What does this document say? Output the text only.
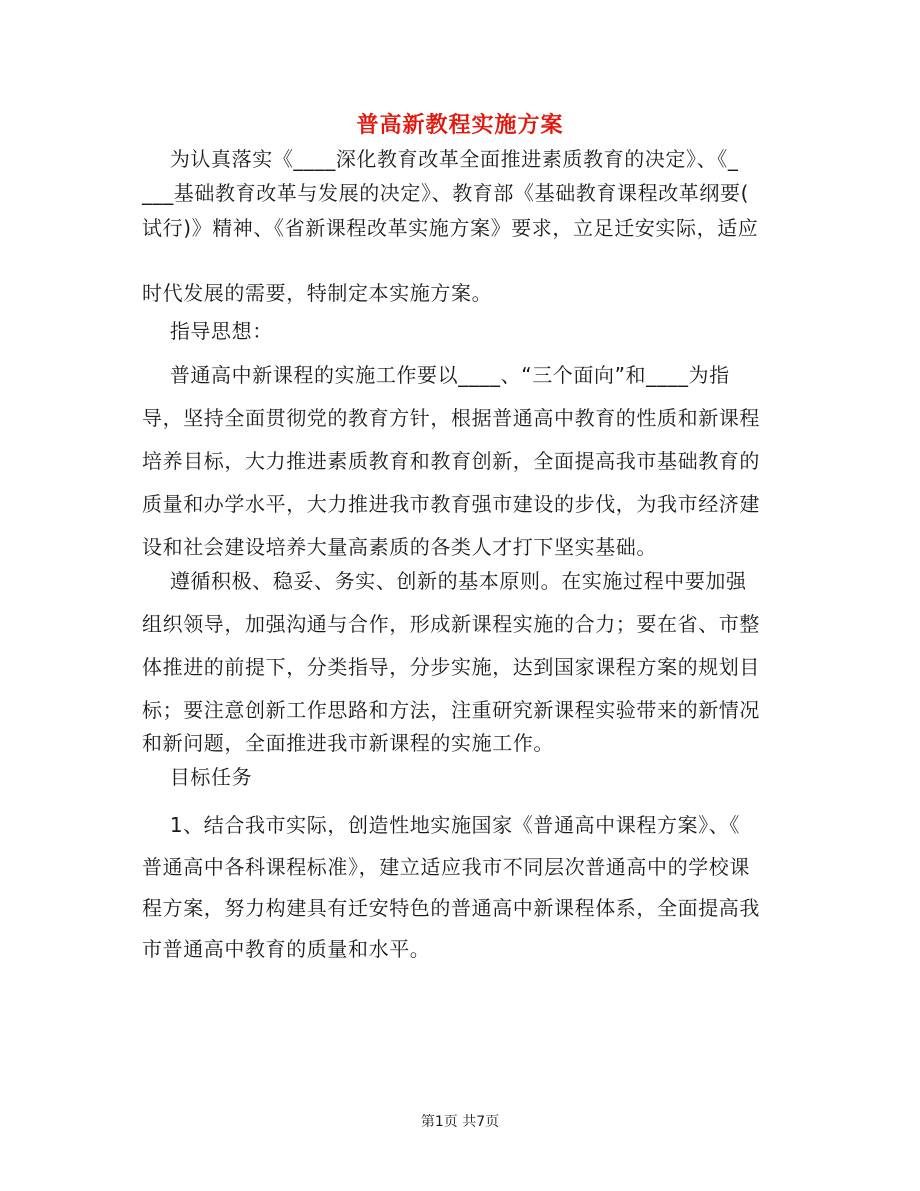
普高新教程实施方案
为认真落实《____深化教育改革全面推进素质教育的决定》、《_
___基础教育改革与发展的决定》、教育部《基础教育课程改革纲要(
试行)》精神、《省新课程改革实施方案》要求，立足迁安实际，适应
时代发展的需要，特制定本实施方案。
指导思想：
普通高中新课程的实施工作要以____、“三个面向”和____为指
导，坚持全面贯彻党的教育方针，根据普通高中教育的性质和新课程
培养目标，大力推进素质教育和教育创新，全面提高我市基础教育的
质量和办学水平，大力推进我市教育强市建设的步伐，为我市经济建
设和社会建设培养大量高素质的各类人才打下坚实基础。
遵循积极、稳妥、务实、创新的基本原则。在实施过程中要加强
组织领导，加强沟通与合作，形成新课程实施的合力；要在省、市整
体推进的前提下，分类指导，分步实施，达到国家课程方案的规划目
标；要注意创新工作思路和方法，注重研究新课程实验带来的新情况
和新问题，全面推进我市新课程的实施工作。
目标任务
1、结合我市实际，创造性地实施国家《普通高中课程方案》、《
普通高中各科课程标准》，建立适应我市不同层次普通高中的学校课
程方案，努力构建具有迁安特色的普通高中新课程体系，全面提高我
市普通高中教育的质量和水平。
第1页 共7页
